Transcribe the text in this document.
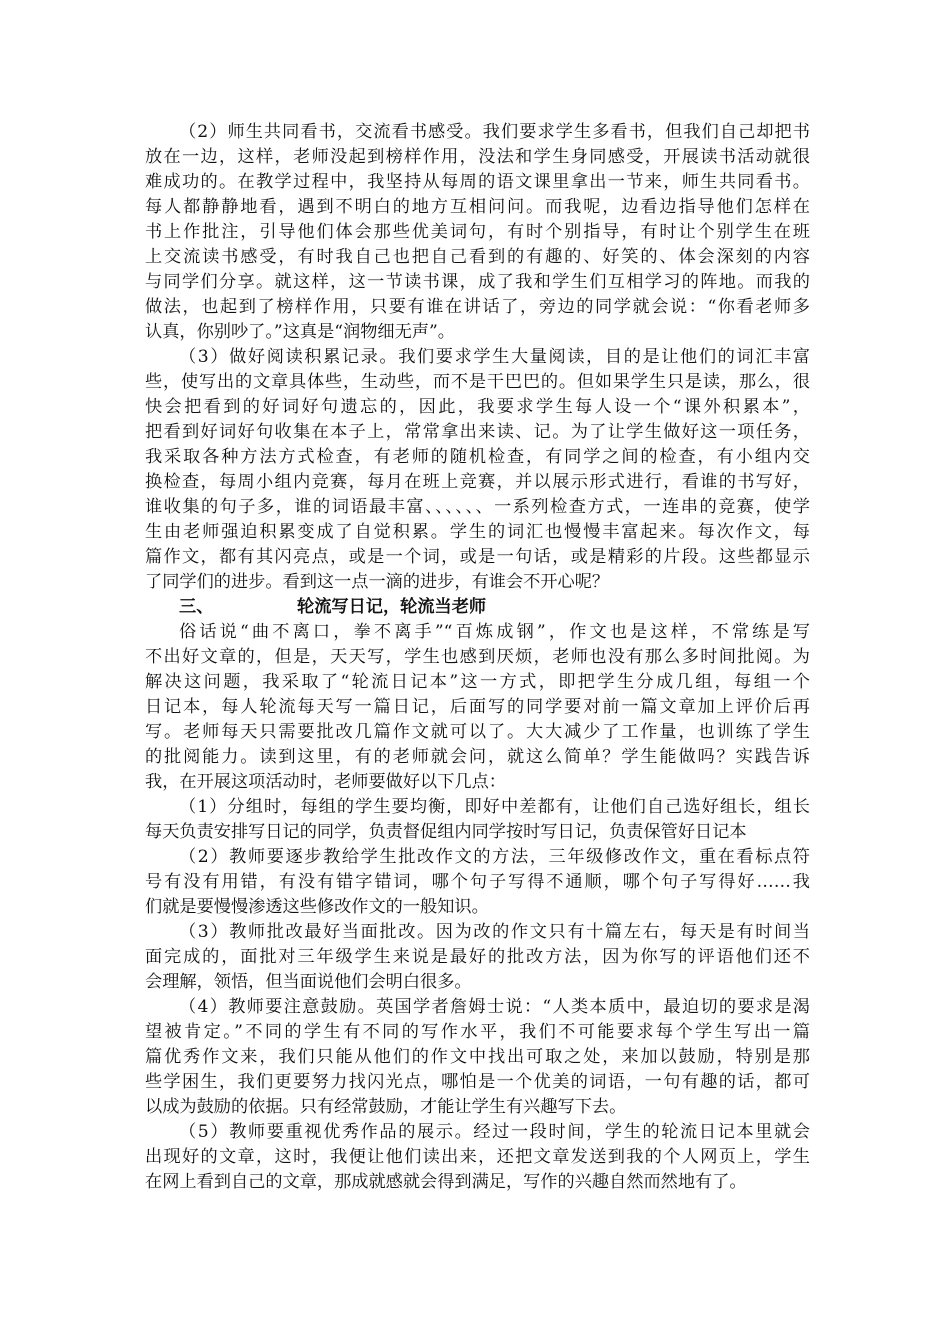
（2）师生共同看书，交流看书感受。我们要求学生多看书，但我们自己却把书
放在一边，这样，老师没起到榜样作用，没法和学生身同感受，开展读书活动就很
难成功的。在教学过程中，我坚持从每周的语文课里拿出一节来，师生共同看书。
每人都静静地看，遇到不明白的地方互相问问。而我呢，边看边指导他们怎样在
书上作批注，引导他们体会那些优美词句，有时个别指导，有时让个别学生在班
上交流读书感受，有时我自己也把自己看到的有趣的、好笑的、体会深刻的内容
与同学们分享。就这样，这一节读书课，成了我和学生们互相学习的阵地。而我的
做法，也起到了榜样作用，只要有谁在讲话了，旁边的同学就会说：“你看老师多
认真，你别吵了。”这真是“润物细无声”。
（3）做好阅读积累记录。我们要求学生大量阅读，目的是让他们的词汇丰富
些，使写出的文章具体些，生动些，而不是干巴巴的。但如果学生只是读，那么，很
快会把看到的好词好句遗忘的，因此，我要求学生每人设一个“课外积累本”，
把看到好词好句收集在本子上，常常拿出来读、记。为了让学生做好这一项任务，
我采取各种方法方式检查，有老师的随机检查，有同学之间的检查，有小组内交
换检查，每周小组内竞赛，每月在班上竞赛，并以展示形式进行，看谁的书写好，
谁收集的句子多，谁的词语最丰富、、、、、、一系列检查方式，一连串的竞赛，使学
生由老师强迫积累变成了自觉积累。学生的词汇也慢慢丰富起来。每次作文，每
篇作文，都有其闪亮点，或是一个词，或是一句话，或是精彩的片段。这些都显示
了同学们的进步。看到这一点一滴的进步，有谁会不开心呢？
三、	轮流写日记，轮流当老师
俗话说“曲不离口，拳不离手”“百炼成钢”，作文也是这样，不常练是写
不出好文章的，但是，天天写，学生也感到厌烦，老师也没有那么多时间批阅。为
解决这问题，我采取了“轮流日记本”这一方式，即把学生分成几组，每组一个
日记本，每人轮流每天写一篇日记，后面写的同学要对前一篇文章加上评价后再
写。老师每天只需要批改几篇作文就可以了。大大减少了工作量，也训练了学生
的批阅能力。读到这里，有的老师就会问，就这么简单？学生能做吗？实践告诉
我，在开展这项活动时，老师要做好以下几点：
（1）分组时，每组的学生要均衡，即好中差都有，让他们自己选好组长，组长
每天负责安排写日记的同学，负责督促组内同学按时写日记，负责保管好日记本
（2）教师要逐步教给学生批改作文的方法，三年级修改作文，重在看标点符
号有没有用错，有没有错字错词，哪个句子写得不通顺，哪个句子写得好……我
们就是要慢慢渗透这些修改作文的一般知识。
（3）教师批改最好当面批改。因为改的作文只有十篇左右，每天是有时间当
面完成的，面批对三年级学生来说是最好的批改方法，因为你写的评语他们还不
会理解，领悟，但当面说他们会明白很多。
（4）教师要注意鼓励。英国学者詹姆士说：“人类本质中，最迫切的要求是渴
望被肯定。”不同的学生有不同的写作水平，我们不可能要求每个学生写出一篇
篇优秀作文来，我们只能从他们的作文中找出可取之处，来加以鼓励，特别是那
些学困生，我们更要努力找闪光点，哪怕是一个优美的词语，一句有趣的话，都可
以成为鼓励的依据。只有经常鼓励，才能让学生有兴趣写下去。
（5）教师要重视优秀作品的展示。经过一段时间，学生的轮流日记本里就会
出现好的文章，这时，我便让他们读出来，还把文章发送到我的个人网页上，学生
在网上看到自己的文章，那成就感就会得到满足，写作的兴趣自然而然地有了。
